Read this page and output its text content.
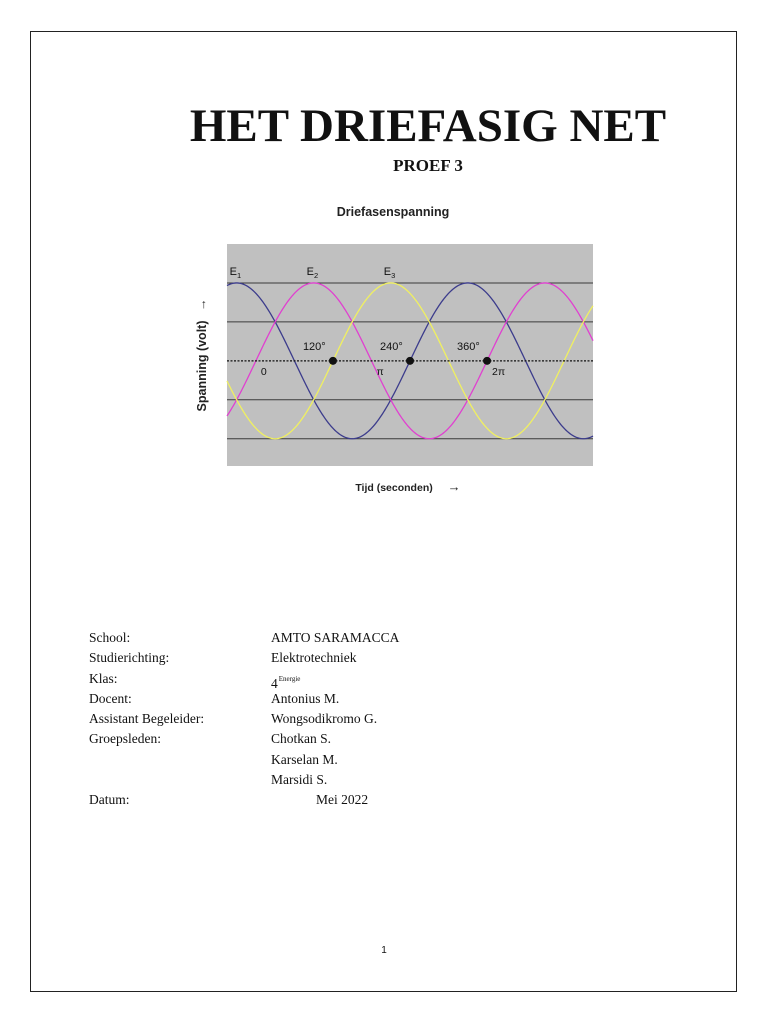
HET DRIEFASIG NET
PROEF 3
Driefasenspanning
120°	240°	360°
$E_1$	$E_2$	$E_3$
0	π	2π
Spanning (volt) →
Tijd (seconden) →
School:	AMTO SARAMACCA
Studierichting:	Elektrotechniek
Klas:	$4^{Energie}$
Docent:	Antonius M.
Assistant Begeleider:	Wongsodikromo G.
Groepsleden:	Chotkan S.
Karselan M.
Marsidi S.
Datum:	Mei 2022
1
